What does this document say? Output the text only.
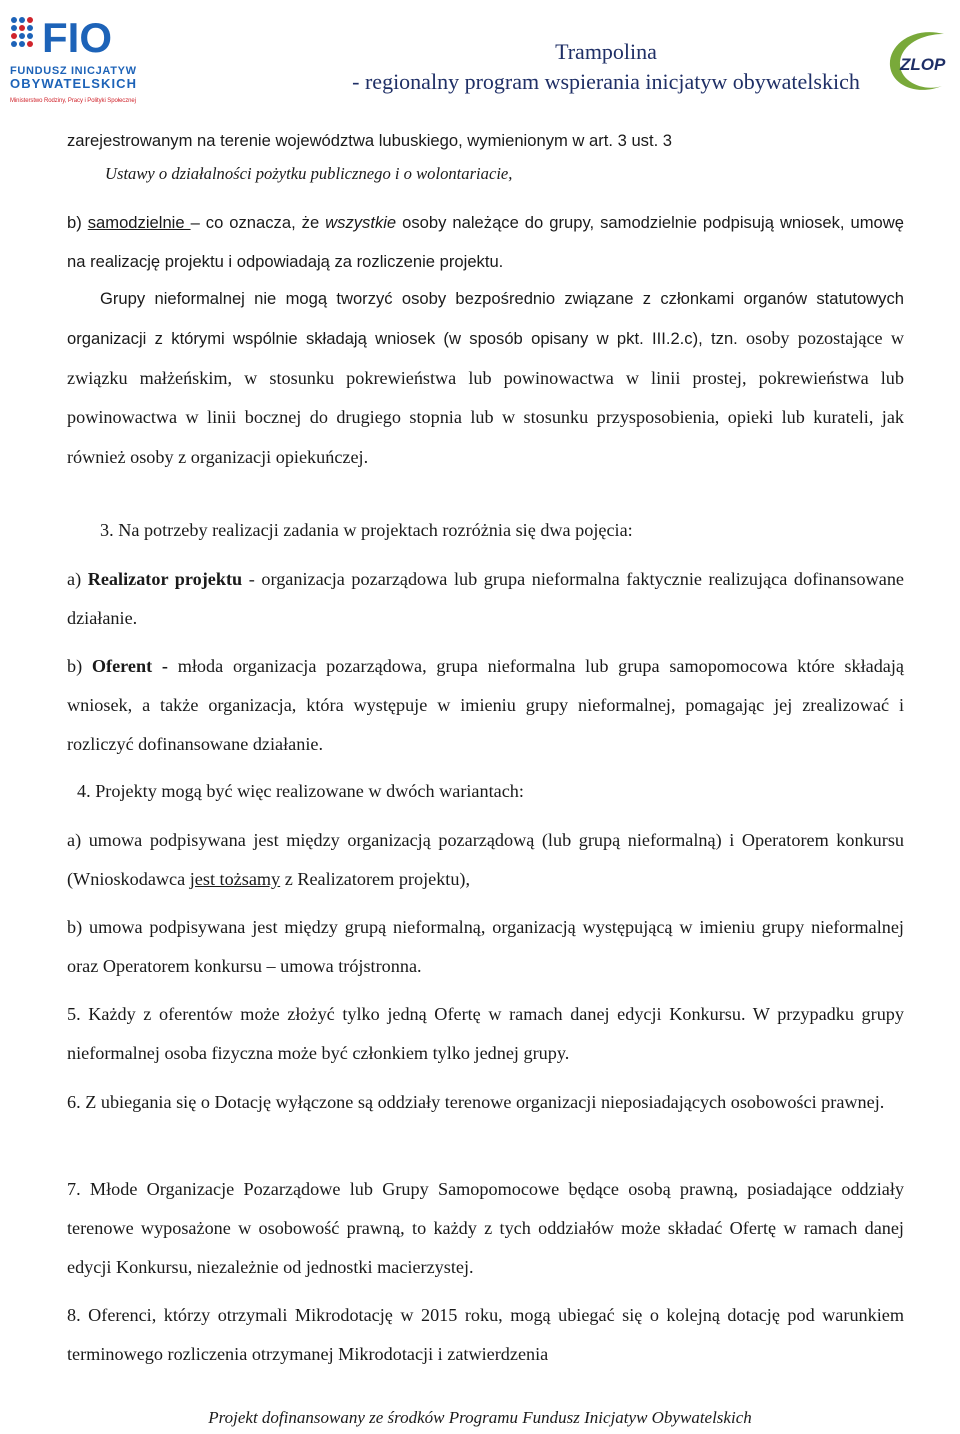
FIO
FUNDUSZ INICJATYW
OBYWATELSKICH
Ministerstwo Rodziny, Pracy i Polityki Społecznej
Trampolina
- regionalny program wspierania inicjatyw obywatelskich
ZLOP

zarejestrowanym na terenie województwa lubuskiego, wymienionym w art. 3 ust. 3

Ustawy o działalności pożytku publicznego i o wolontariacie,

b) samodzielnie – co oznacza, że wszystkie osoby należące do grupy, samodzielnie podpisują wniosek, umowę na realizację projektu i odpowiadają za rozliczenie projektu.

Grupy nieformalnej nie mogą tworzyć osoby bezpośrednio związane z członkami organów statutowych organizacji z którymi wspólnie składają wniosek (w sposób opisany w pkt. III.2.c), tzn. osoby pozostające w związku małżeńskim, w stosunku pokrewieństwa lub powinowactwa w linii prostej, pokrewieństwa lub powinowactwa w linii bocznej do drugiego stopnia lub w stosunku przysposobienia, opieki lub kurateli, jak również osoby z organizacji opiekuńczej.

3. Na potrzeby realizacji zadania w projektach rozróżnia się dwa pojęcia:

a) Realizator projektu - organizacja pozarządowa lub grupa nieformalna faktycznie realizująca dofinansowane działanie.

b) Oferent - młoda organizacja pozarządowa, grupa nieformalna lub grupa samopomocowa które składają wniosek, a także organizacja, która występuje w imieniu grupy nieformalnej, pomagając jej zrealizować i rozliczyć dofinansowane działanie.

4. Projekty mogą być więc realizowane w dwóch wariantach:

a) umowa podpisywana jest między organizacją pozarządową (lub grupą nieformalną) i Operatorem konkursu (Wnioskodawca jest tożsamy z Realizatorem projektu),

b) umowa podpisywana jest między grupą nieformalną, organizacją występującą w imieniu grupy nieformalnej oraz Operatorem konkursu – umowa trójstronna.

5. Każdy z oferentów może złożyć tylko jedną Ofertę w ramach danej edycji Konkursu. W przypadku grupy nieformalnej osoba fizyczna może być członkiem tylko jednej grupy.

6. Z ubiegania się o Dotację wyłączone są oddziały terenowe organizacji nieposiadających osobowości prawnej.

7. Młode Organizacje Pozarządowe lub Grupy Samopomocowe będące osobą prawną, posiadające oddziały terenowe wyposażone w osobowość prawną, to każdy z tych oddziałów może składać Ofertę w ramach danej edycji Konkursu, niezależnie od jednostki macierzystej.

8. Oferenci, którzy otrzymali Mikrodotację w 2015 roku, mogą ubiegać się o kolejną dotację pod warunkiem terminowego rozliczenia otrzymanej Mikrodotacji i zatwierdzenia

Projekt dofinansowany ze środków Programu Fundusz Inicjatyw Obywatelskich
